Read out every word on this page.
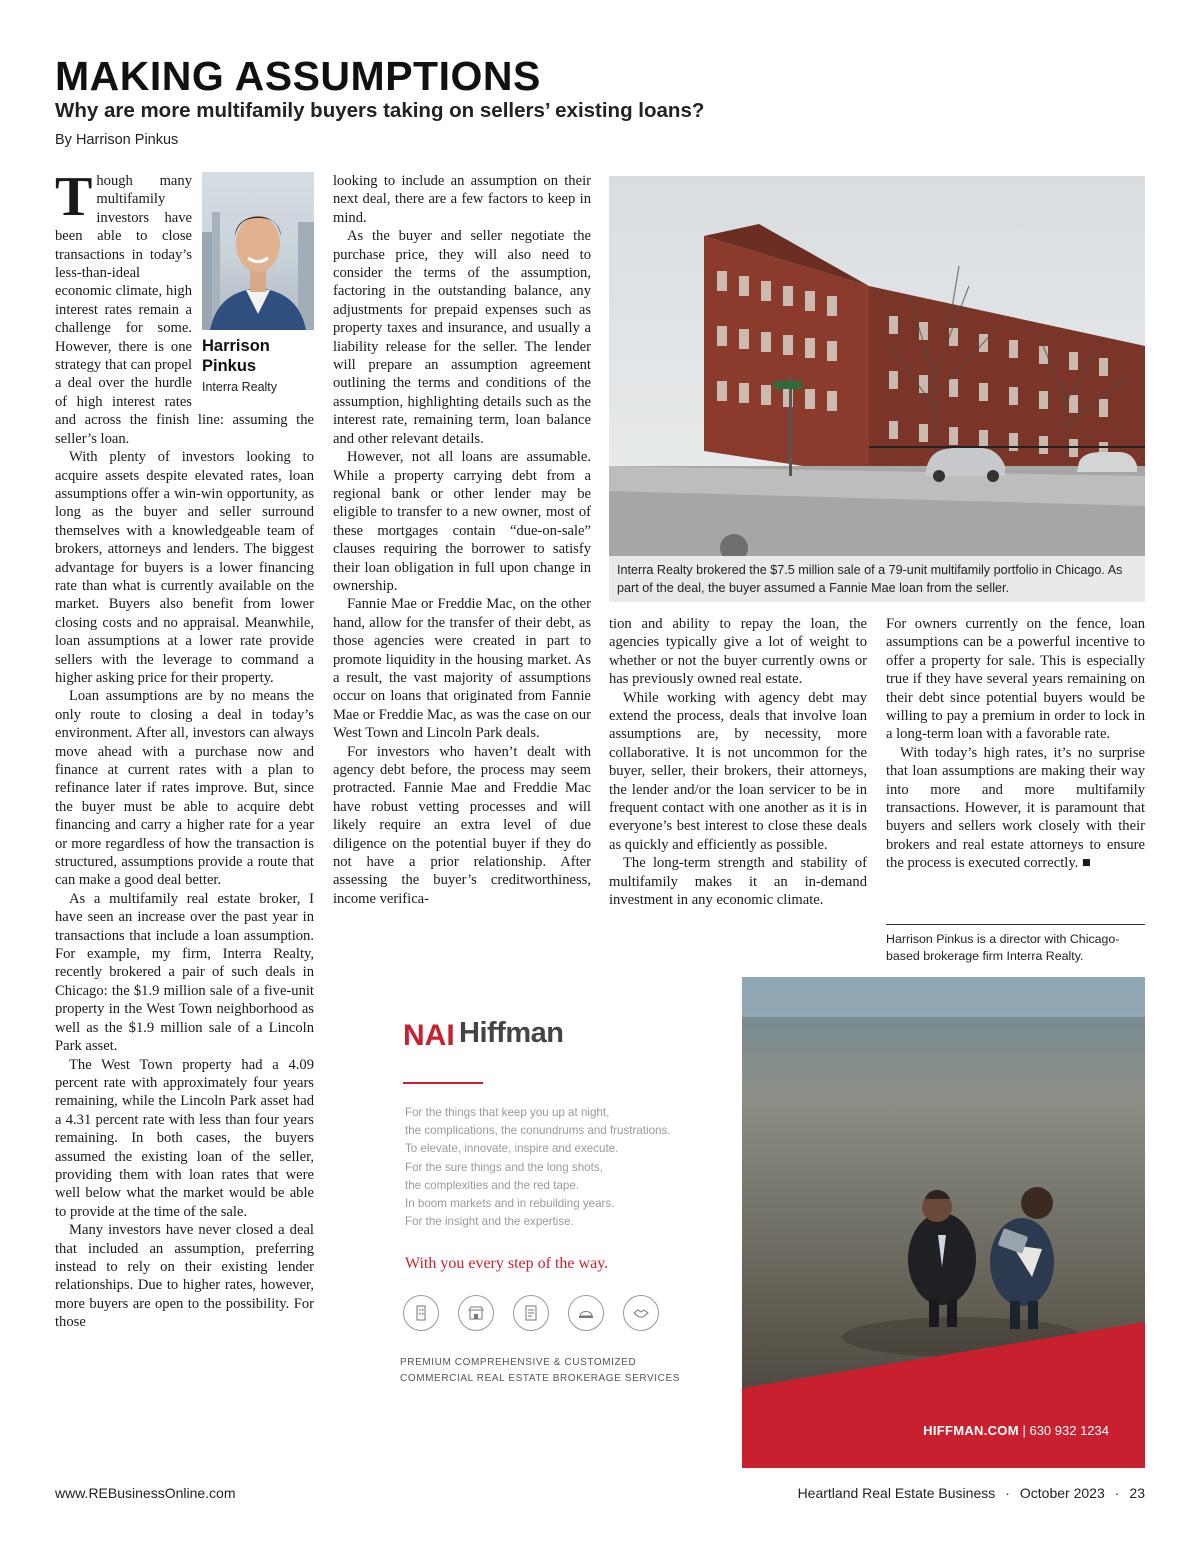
MAKING ASSUMPTIONS
Why are more multifamily buyers taking on sellers’ existing loans?
By Harrison Pinkus
Harrison Pinkus
Interra Realty

Though many multifamily investors have been able to close transactions in today’s less-than-ideal economic climate, high interest rates remain a challenge for some. However, there is one strategy that can propel a deal over the hurdle of high interest rates and across the finish line: assuming the seller’s loan.

With plenty of investors looking to acquire assets despite elevated rates, loan assumptions offer a win-win opportunity, as long as the buyer and seller surround themselves with a knowledgeable team of brokers, attorneys and lenders. The biggest advantage for buyers is a lower financing rate than what is currently available on the market. Buyers also benefit from lower closing costs and no appraisal. Meanwhile, loan assumptions at a lower rate provide sellers with the leverage to command a higher asking price for their property.

Loan assumptions are by no means the only route to closing a deal in today’s environment. After all, investors can always move ahead with a purchase now and finance at current rates with a plan to refinance later if rates improve. But, since the buyer must be able to acquire debt financing and carry a higher rate for a year or more regardless of how the transaction is structured, assumptions provide a route that can make a good deal better.

As a multifamily real estate broker, I have seen an increase over the past year in transactions that include a loan assumption. For example, my firm, Interra Realty, recently brokered a pair of such deals in Chicago: the $1.9 million sale of a five-unit property in the West Town neighborhood as well as the $1.9 million sale of a Lincoln Park asset.

The West Town property had a 4.09 percent rate with approximately four years remaining, while the Lincoln Park asset had a 4.31 percent rate with less than four years remaining. In both cases, the buyers assumed the existing loan of the seller, providing them with loan rates that were well below what the market would be able to provide at the time of the sale.

Many investors have never closed a deal that included an assumption, preferring instead to rely on their existing lender relationships. Due to higher rates, however, more buyers are open to the possibility. For those

looking to include an assumption on their next deal, there are a few factors to keep in mind.

As the buyer and seller negotiate the purchase price, they will also need to consider the terms of the assumption, factoring in the outstanding balance, any adjustments for prepaid expenses such as property taxes and insurance, and usually a liability release for the seller. The lender will prepare an assumption agreement outlining the terms and conditions of the assumption, highlighting details such as the interest rate, remaining term, loan balance and other relevant details.

However, not all loans are assumable. While a property carrying debt from a regional bank or other lender may be eligible to transfer to a new owner, most of these mortgages contain “due-on-sale” clauses requiring the borrower to satisfy their loan obligation in full upon change in ownership.

Fannie Mae or Freddie Mac, on the other hand, allow for the transfer of their debt, as those agencies were created in part to promote liquidity in the housing market. As a result, the vast majority of assumptions occur on loans that originated from Fannie Mae or Freddie Mac, as was the case on our West Town and Lincoln Park deals.

For investors who haven’t dealt with agency debt before, the process may seem protracted. Fannie Mae and Freddie Mac have robust vetting processes and will likely require an extra level of due diligence on the potential buyer if they do not have a prior relationship. After assessing the buyer’s creditworthiness, income verifica-

Interra Realty brokered the $7.5 million sale of a 79-unit multifamily portfolio in Chicago. As part of the deal, the buyer assumed a Fannie Mae loan from the seller.

tion and ability to repay the loan, the agencies typically give a lot of weight to whether or not the buyer currently owns or has previously owned real estate.

While working with agency debt may extend the process, deals that involve loan assumptions are, by necessity, more collaborative. It is not uncommon for the buyer, seller, their brokers, their attorneys, the lender and/or the loan servicer to be in frequent contact with one another as it is in everyone’s best interest to close these deals as quickly and efficiently as possible.

The long-term strength and stability of multifamily makes it an in-demand investment in any economic climate.

For owners currently on the fence, loan assumptions can be a powerful incentive to offer a property for sale. This is especially true if they have several years remaining on their debt since potential buyers would be willing to pay a premium in order to lock in a long-term loan with a favorable rate.

With today’s high rates, it’s no surprise that loan assumptions are making their way into more and more multifamily transactions. However, it is paramount that buyers and sellers work closely with their brokers and real estate attorneys to ensure the process is executed correctly. ■

Harrison Pinkus is a director with Chicago-based brokerage firm Interra Realty.
NAI Hiffman
For the things that keep you up at night,
the complications, the conundrums and frustrations.
To elevate, innovate, inspire and execute.
For the sure things and the long shots,
the complexities and the red tape.
In boom markets and in rebuilding years.
For the insight and the expertise.
With you every step of the way.
PREMIUM COMPREHENSIVE & CUSTOMIZED
COMMERCIAL REAL ESTATE BROKERAGE SERVICES
HIFFMAN.COM | 630 932 1234
www.REBusinessOnline.com	Heartland Real Estate Business · October 2023 · 23
